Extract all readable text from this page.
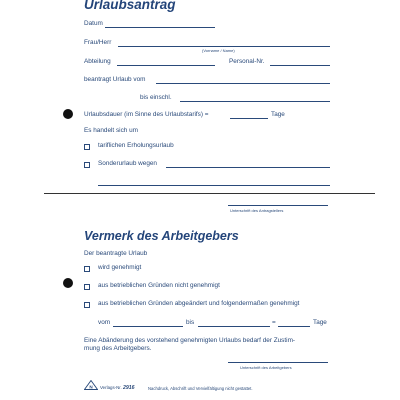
Urlaubsantrag
Datum
Frau/Herr
(Vorname / Name)
Abteilung	Personal-Nr.
beantragt Urlaub vom
bis einschl.
Urlaubsdauer (im Sinne des Urlaubstarifs) =	Tage
Es handelt sich um
tariflichen Erholungsurlaub
Sonderurlaub wegen
Unterschrift des Antragstellers
Vermerk des Arbeitgebers
Der beantragte Urlaub
wird genehmigt
aus betrieblichen Gründen nicht genehmigt
aus betrieblichen Gründen abgeändert und folgendermaßen genehmigt
vom	bis	=	Tage
Eine Abänderung des vorstehend genehmigten Urlaubs bedarf der Zustim-
mung des Arbeitgebers.
Unterschrift des Arbeitgebers
N Verlags-Nr. 2916	Nachdruck, Abschrift und Vervielfältigung nicht gestattet.
